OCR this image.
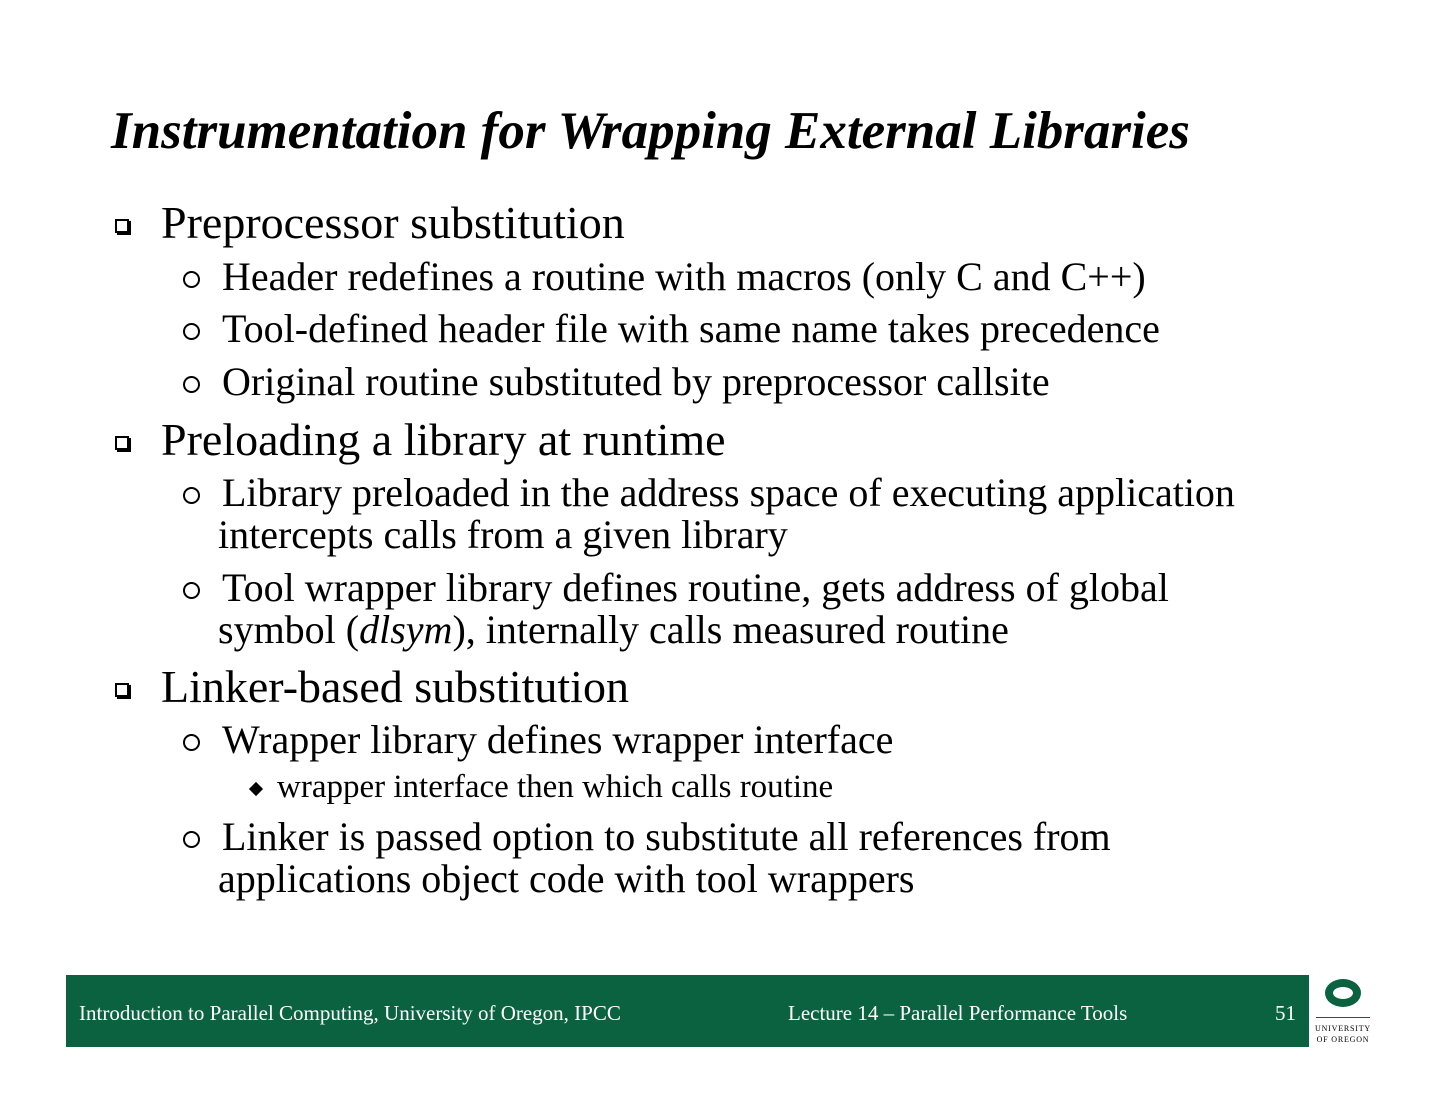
Instrumentation for Wrapping External Libraries
Preprocessor substitution
Header redefines a routine with macros (only C and C++)
Tool-defined header file with same name takes precedence
Original routine substituted by preprocessor callsite
Preloading a library at runtime
Library preloaded in the address space of executing application
intercepts calls from a given library
Tool wrapper library defines routine, gets address of global
symbol (dlsym), internally calls measured routine
Linker-based substitution
Wrapper library defines wrapper interface
wrapper interface then which calls routine
Linker is passed option to substitute all references from
applications object code with tool wrappers
Introduction to Parallel Computing, University of Oregon, IPCC	Lecture 14 – Parallel Performance Tools	51
UNIVERSITY
OF OREGON
